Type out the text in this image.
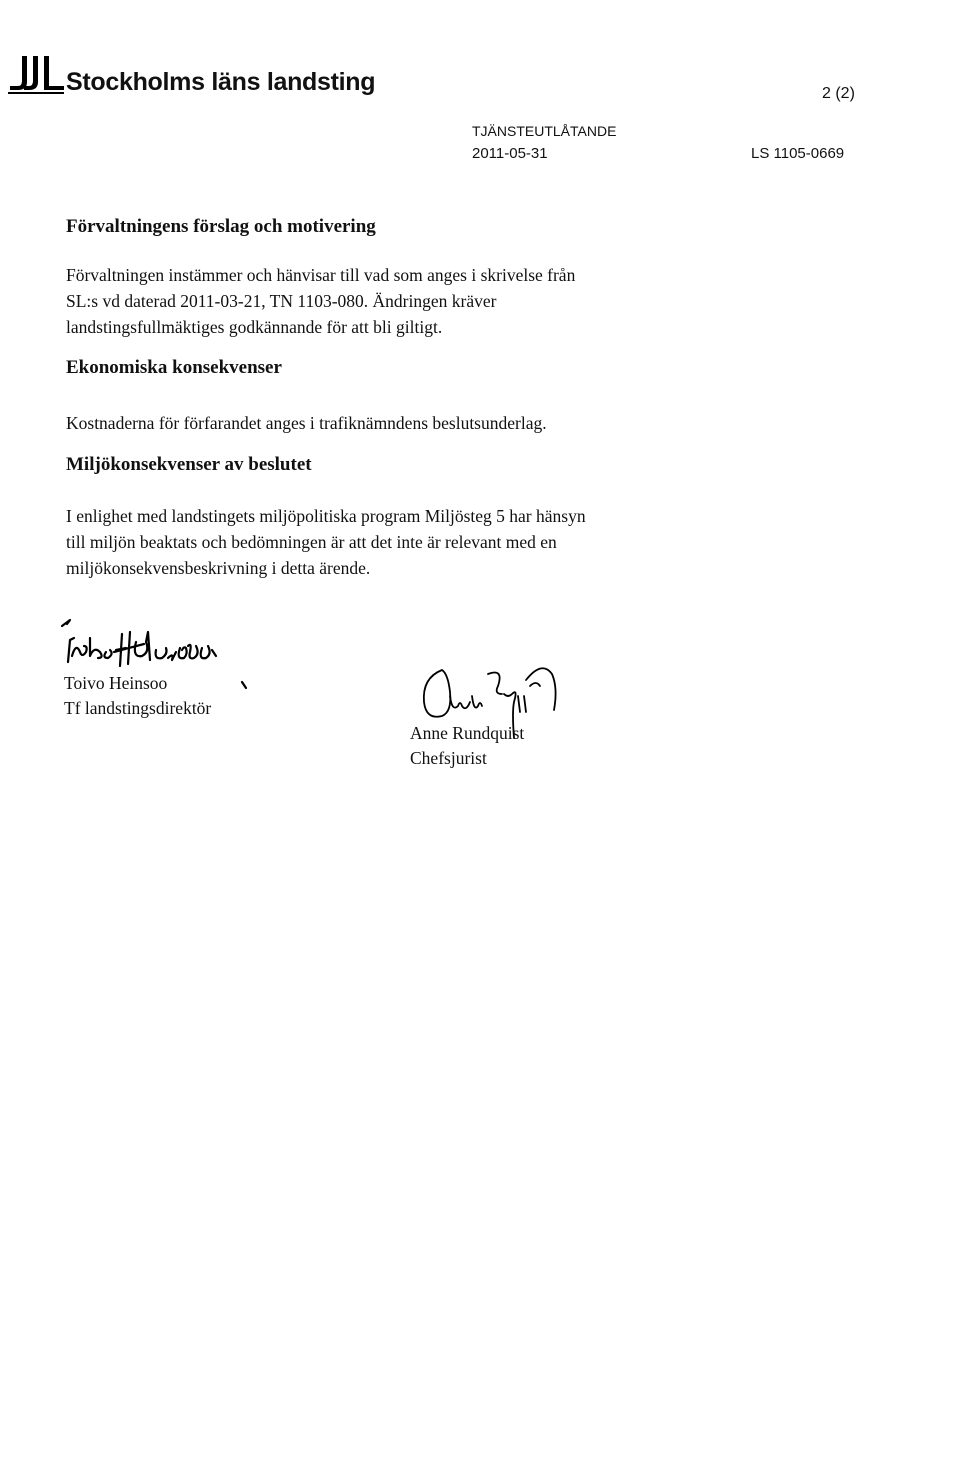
Stockholms läns landsting	2 (2)
TJÄNSTEUTLÅTANDE
2011-05-31	LS 1105-0669
Förvaltningens förslag och motivering
Förvaltningen instämmer och hänvisar till vad som anges i skrivelse från
SL:s vd daterad 2011-03-21, TN 1103-080. Ändringen kräver
landstingsfullmäktiges godkännande för att bli giltigt.
Ekonomiska konsekvenser
Kostnaderna för förfarandet anges i trafiknämndens beslutsunderlag.
Miljökonsekvenser av beslutet
I enlighet med landstingets miljöpolitiska program Miljösteg 5 har hänsyn
till miljön beaktats och bedömningen är att det inte är relevant med en
miljökonsekvensbeskrivning i detta ärende.
Toivo Heinsoo
Tf landstingsdirektör
Anne Rundquist
Chefsjurist
